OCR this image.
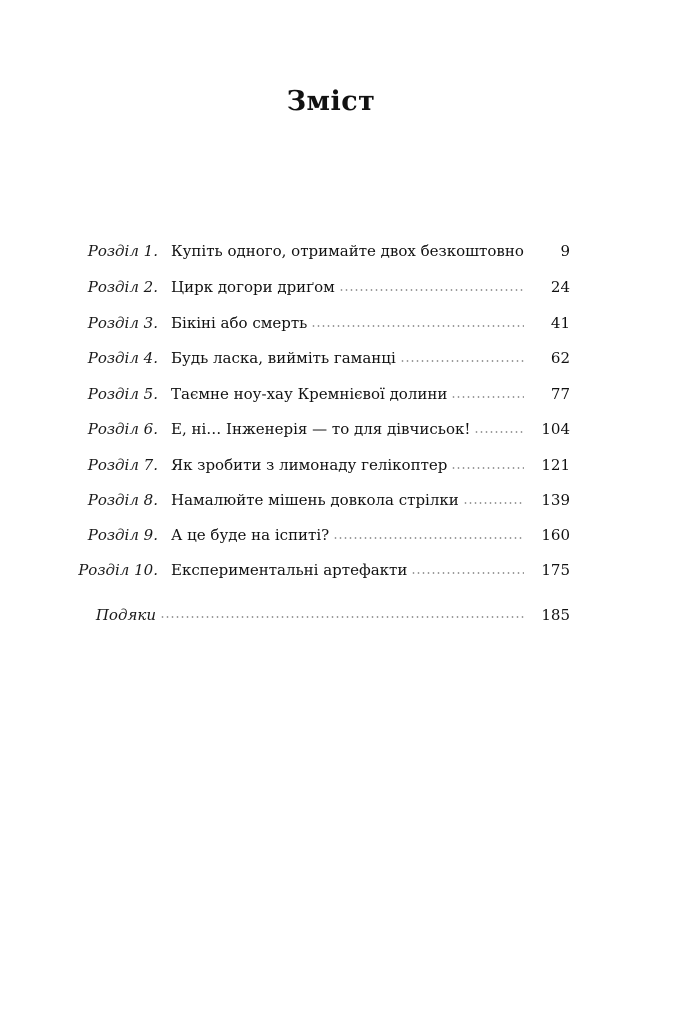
Зміст
Розділ 1. Купіть одного, отримайте двох безкоштовно 9
Розділ 2. Цирк догори дриґом	24
Розділ 3. Бікіні або смерть	41
Розділ 4. Будь ласка, вийміть гаманці	62
Розділ 5. Таємне ноу-хау Кремнієвої долини	77
Розділ 6. Е, ні… Інженерія — то для дівчисьок!	104
Розділ 7. Як зробити з лимонаду гелікоптер	121
Розділ 8. Намалюйте мішень довкола стрілки	139
Розділ 9. А це буде на іспиті?	160
Розділ 10. Експериментальні артефакти	175
Подяки	185
